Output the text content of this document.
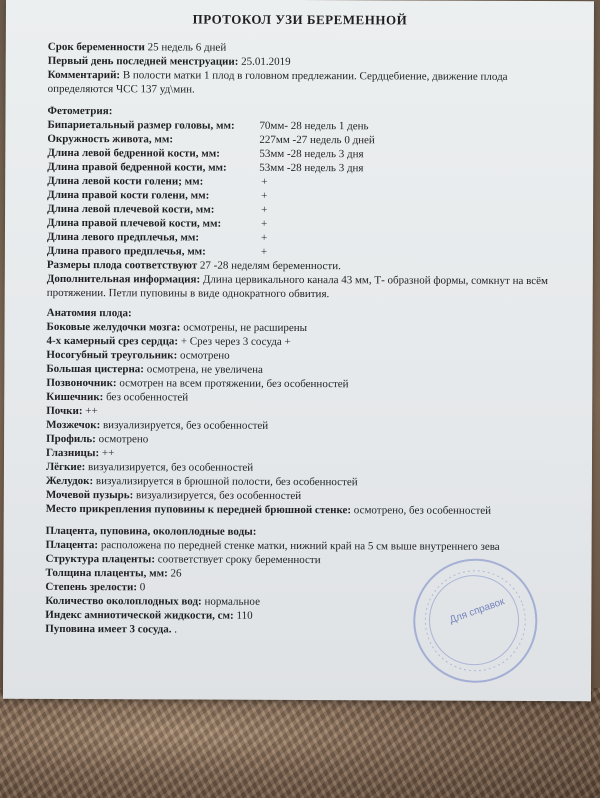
ПРОТОКОЛ УЗИ БЕРЕМЕННОЙ
Срок беременности 25 недель 6 дней
Первый день последней менструации: 25.01.2019
Комментарий: В полости матки 1 плод в головном предлежании. Сердцебиение, движение плода
определяются ЧСС 137 уд\мин.
Фетометрия:
Бипариетальный размер головы, мм: 70мм- 28 недель 1 день
Окружность живота, мм:	227мм -27 недель 0 дней
Длина левой бедренной кости, мм:	53мм -28 недель 3 дня
Длина правой бедренной кости, мм:	53мм -28 недель 3 дня
Длина левой кости голени; мм:	+
Длина правой кости голени, мм:	+
Длина левой плечевой кости, мм:	+
Длина правой плечевой кости, мм:	+
Длина левого предплечья, мм:	+
Длина правого предплечья, мм:	+
Размеры плода соответствуют 27 -28 неделям беременности.
Дополнительная информация: Длина цервикального канала 43 мм, Т- образной формы, сомкнут на всём
протяжении. Петли пуповины в виде однократного обвития.
Анатомия плода:
Боковые желудочки мозга: осмотрены, не расширены
4-х камерный срез сердца: + Срез через 3 сосуда +
Носогубный треугольник: осмотрено
Большая цистерна: осмотрена, не увеличена
Позвоночник: осмотрен на всем протяжении, без особенностей
Кишечник: без особенностей
Почки: ++
Мозжечок: визуализируется, без особенностей
Профиль: осмотрено
Глазницы: ++
Лёгкие: визуализируется, без особенностей
Желудок: визуализируется в брюшной полости, без особенностей
Мочевой пузырь: визуализируется, без особенностей
Место прикрепления пуповины к передней брюшной стенке: осмотрено, без особенностей
Плацента, пуповина, околоплодные воды:
Плацента: расположена по передней стенке матки, нижний край на 5 см выше внутреннего зева
Структура плаценты: соответствует сроку беременности
Толщина плаценты, мм: 26
Степень зрелости: 0
Количество околоплодных вод: нормальное
Индекс амниотической жидкости, см: 110
Пуповина имеет 3 сосуда. .
Для справок
